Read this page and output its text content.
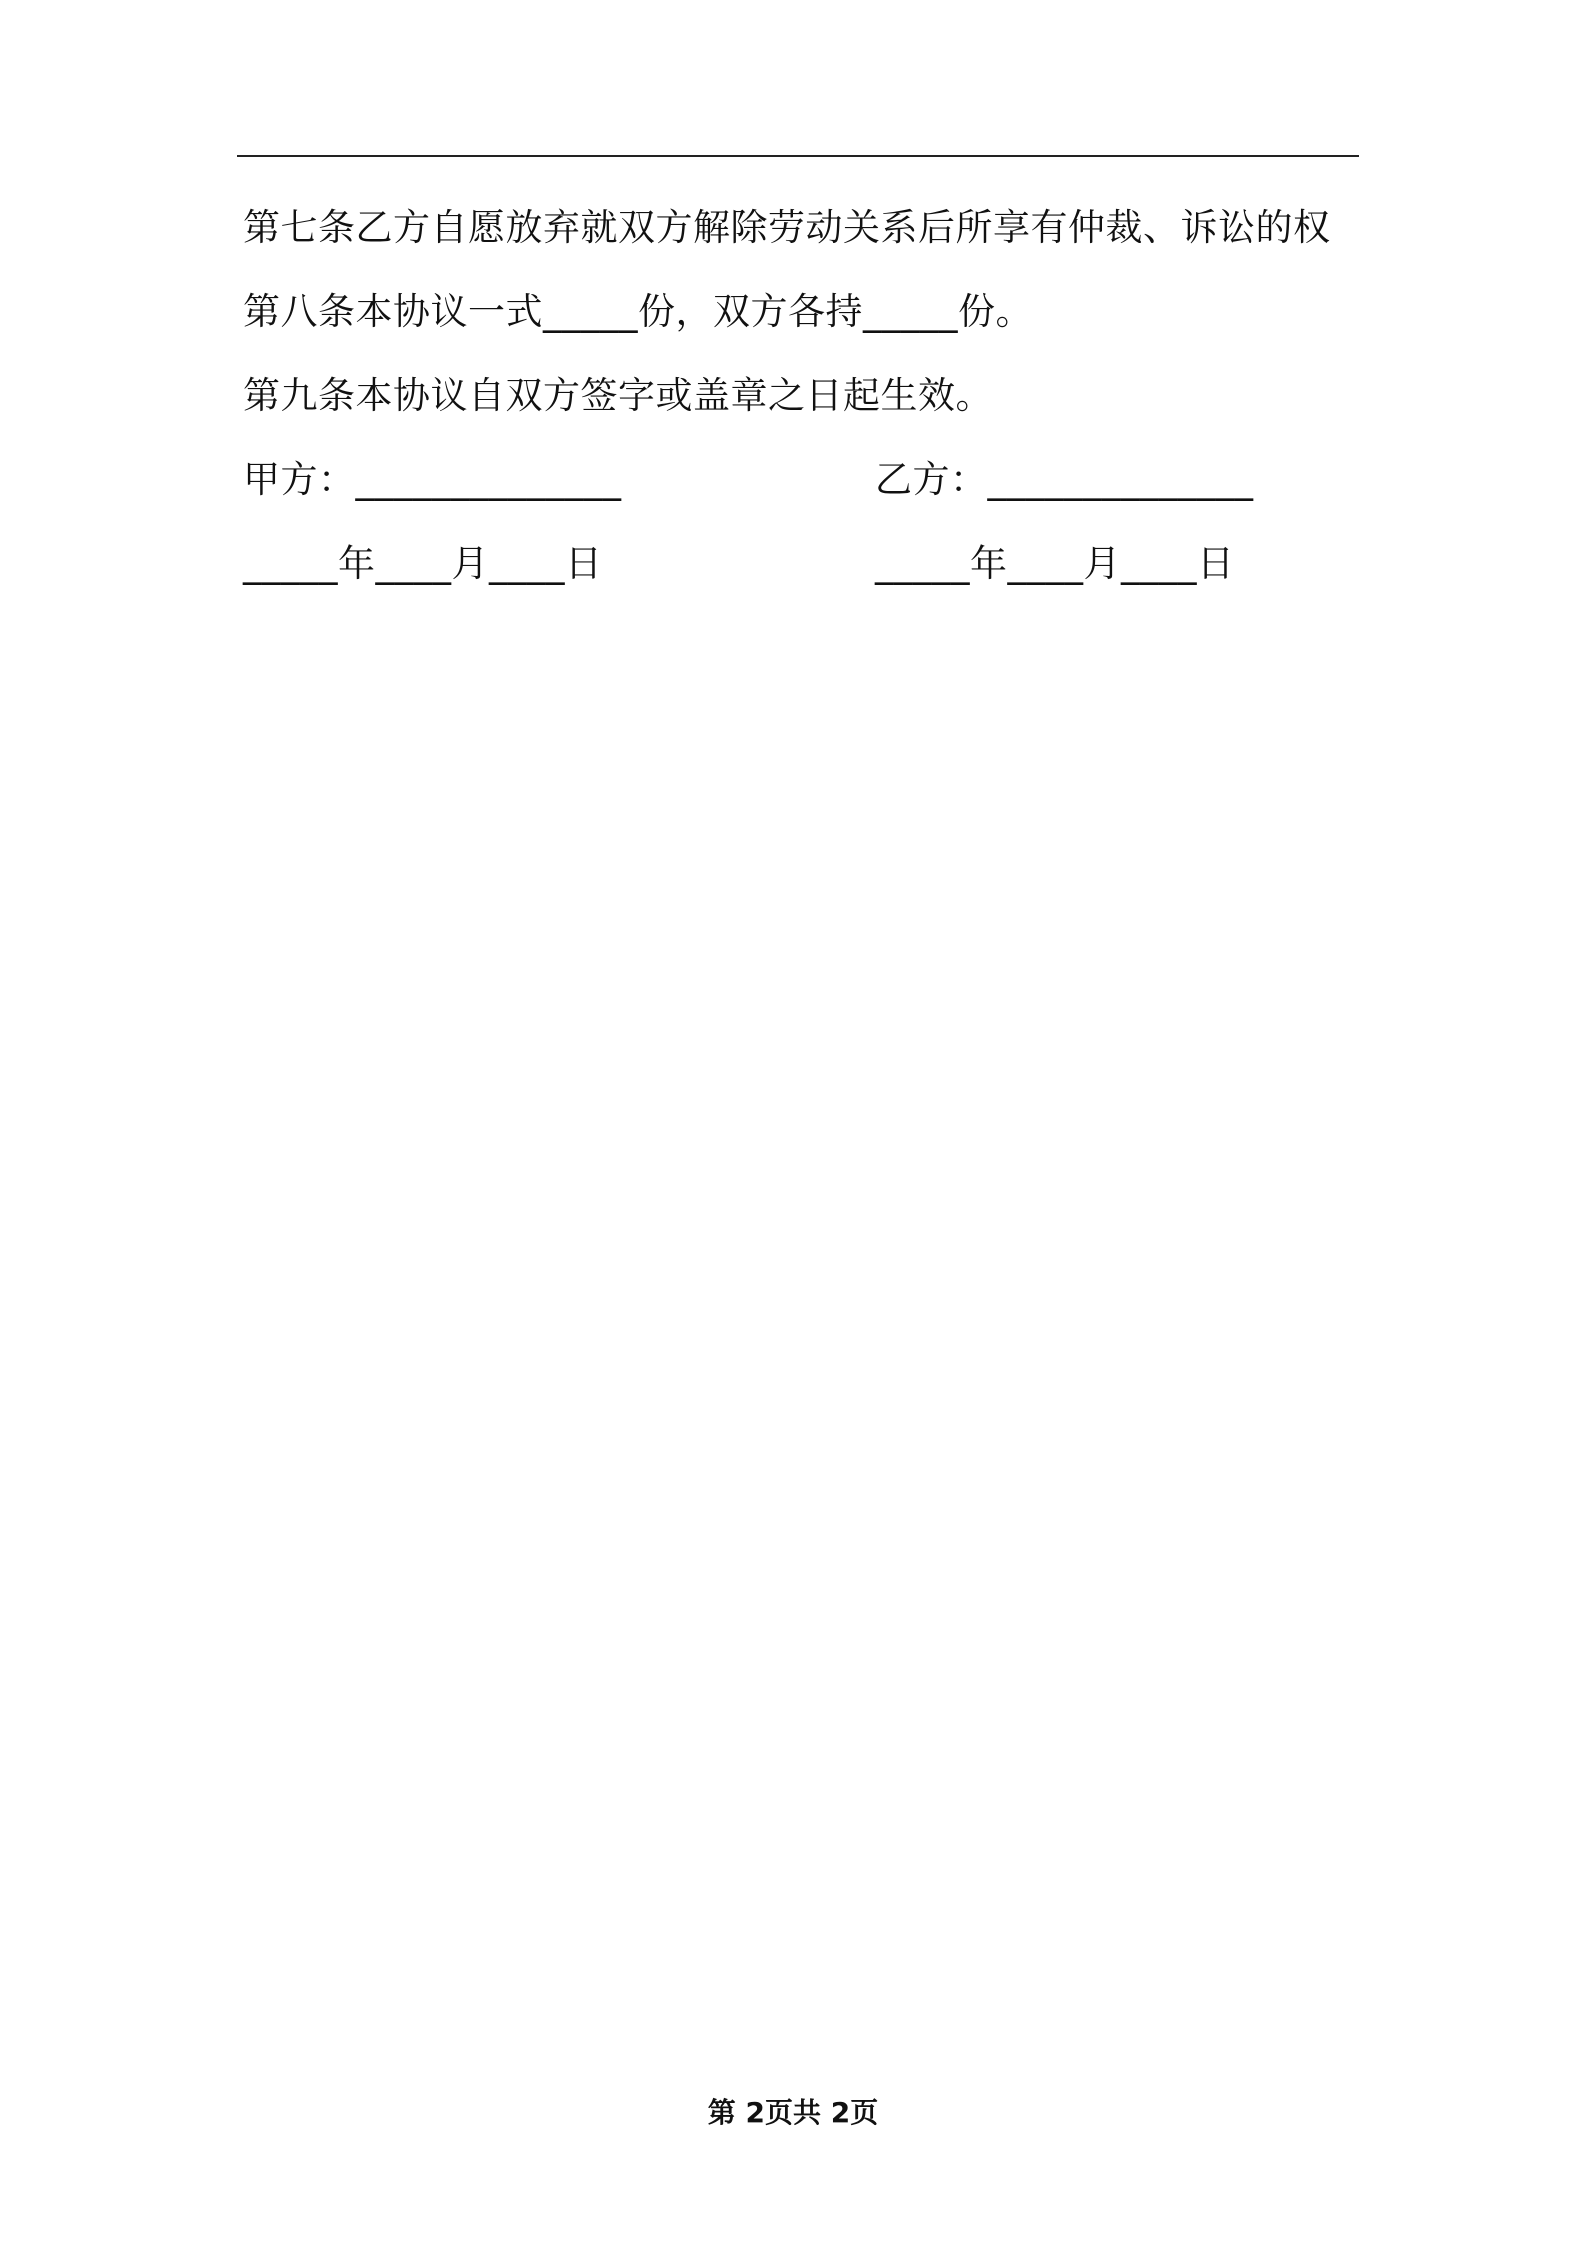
第七条乙方自愿放弃就双方解除劳动关系后所享有仲裁、诉讼的权
第八条本协议一式_____份，双方各持_____份。
第九条本协议自双方签字或盖章之日起生效。
甲方：______________	乙方：______________
_____年____月____日	_____年____月____日
第 2页共 2页
